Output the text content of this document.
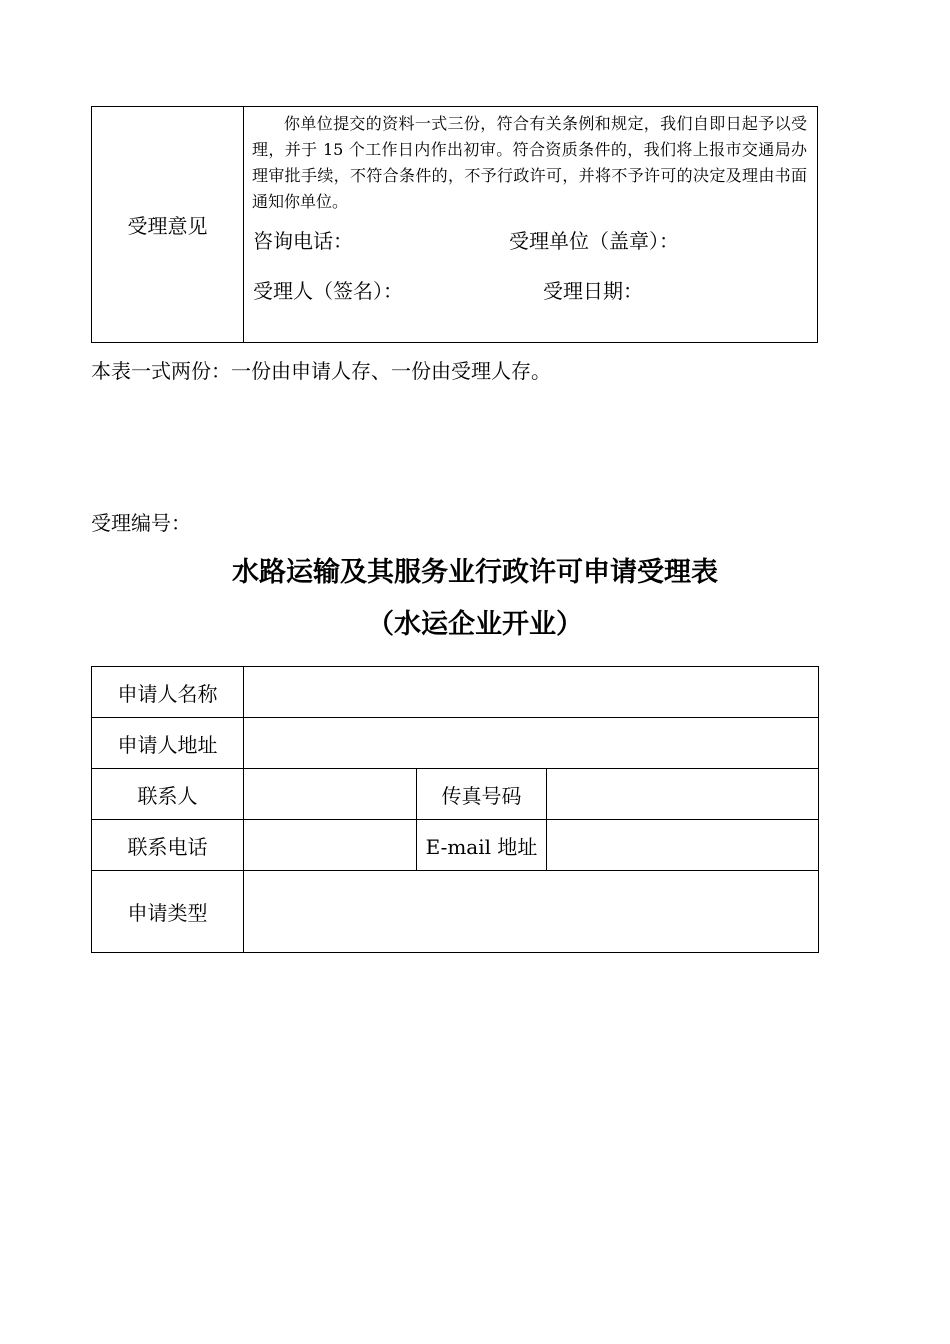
受理意见	
你单位提交的资料一式三份，符合有关条例和规定，我们自即日起予以受理，并于 15 个工作日内作出初审。符合资质条件的，我们将上报市交通局办理审批手续，不符合条件的，不予行政许可，并将不予许可的决定及理由书面通知你单位。
咨询电话：	受理单位（盖章）：
受理人（签名）：	受理日期：
本表一式两份：一份由申请人存、一份由受理人存。
受理编号：
水路运输及其服务业行政许可申请受理表
（水运企业开业）
申请人名称			
申请人地址			
联系人		传真号码	
联系电话		E-mail 地址	
申请类型			
